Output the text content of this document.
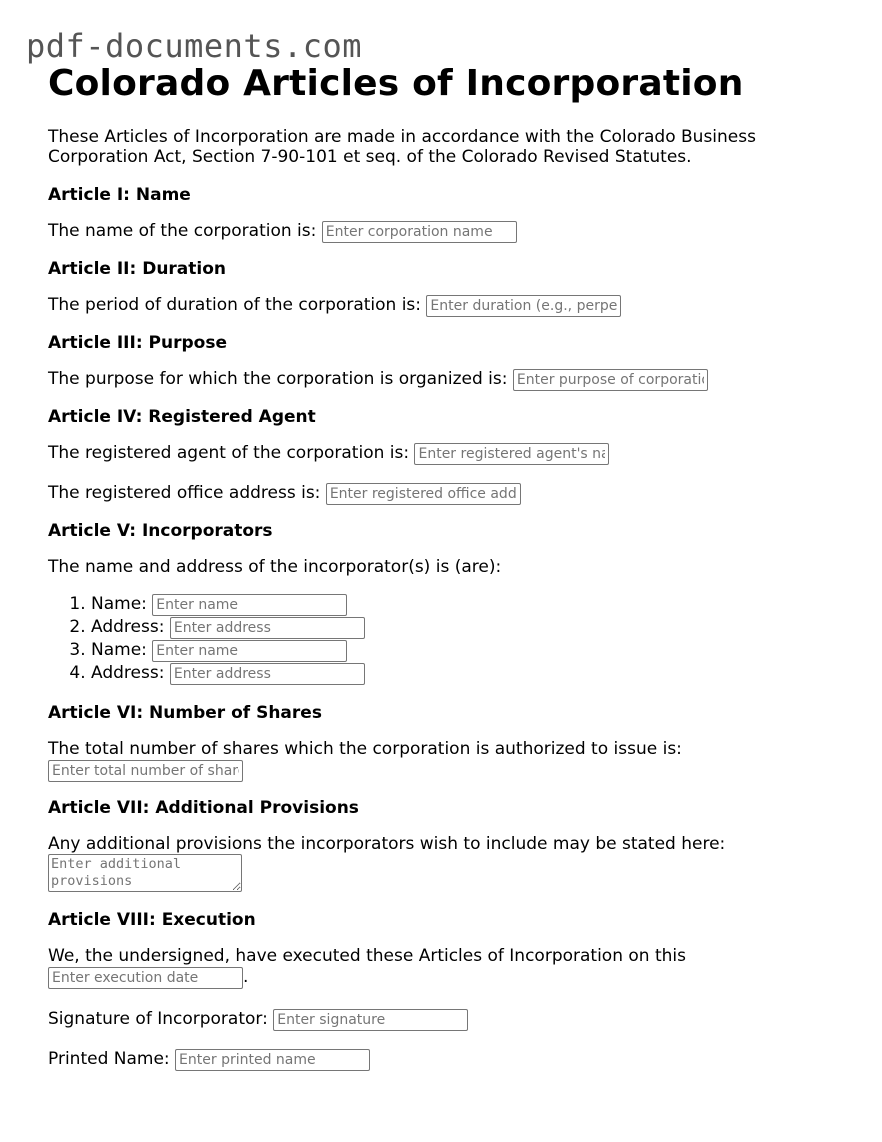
pdf-documents.com
Colorado Articles of Incorporation

These Articles of Incorporation are made in accordance with the Colorado Business Corporation Act, Section 7-90-101 et seq. of the Colorado Revised Statutes.

Article I: Name
The name of the corporation is: Enter corporation name
Article II: Duration
The period of duration of the corporation is: Enter duration (e.g., perpetual)
Article III: Purpose
The purpose for which the corporation is organized is: Enter purpose of corporation
Article IV: Registered Agent
The registered agent of the corporation is: Enter registered agent's name
The registered office address is: Enter registered office address
Article V: Incorporators
The name and address of the incorporator(s) is (are):
1. Name: Enter name
2. Address: Enter address
3. Name: Enter name
4. Address: Enter address
Article VI: Number of Shares
The total number of shares which the corporation is authorized to issue is:
Enter total number of shares
Article VII: Additional Provisions
Any additional provisions the incorporators wish to include may be stated here:
Enter additional provisions
Article VIII: Execution
We, the undersigned, have executed these Articles of Incorporation on this
Enter execution date.
Signature of Incorporator: Enter signature
Printed Name: Enter printed name
